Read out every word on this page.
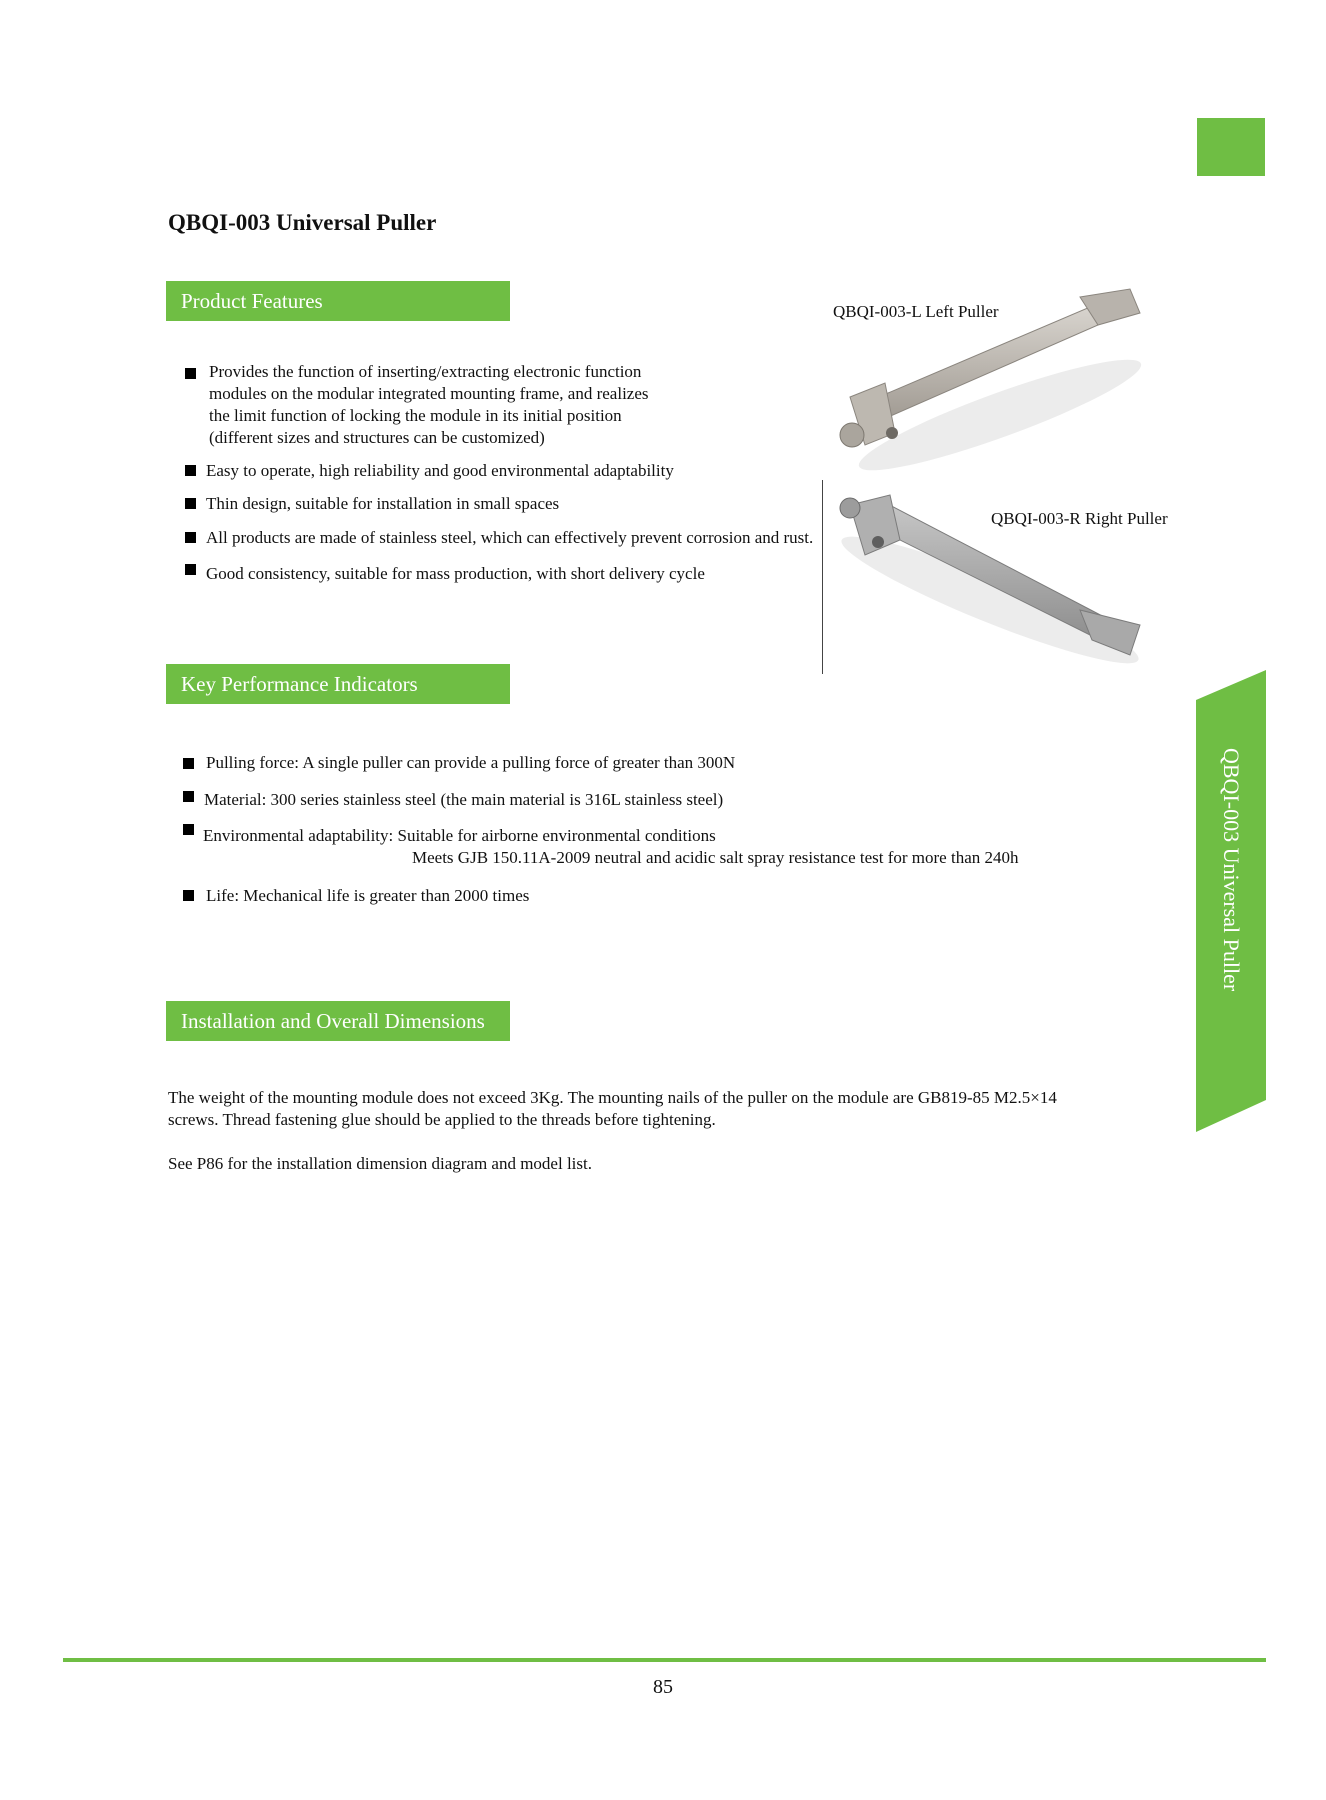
QBQI-003 Universal Puller
Product Features
Provides the function of inserting/extracting electronic function
modules on the modular integrated mounting frame, and realizes
the limit function of locking the module in its initial position
(different sizes and structures can be customized)
Easy to operate, high reliability and good environmental adaptability
Thin design, suitable for installation in small spaces
All products are made of stainless steel, which can effectively prevent corrosion and rust.
Good consistency, suitable for mass production, with short delivery cycle
QBQI-003-L Left Puller
QBQI-003-R Right Puller
Key Performance Indicators
Pulling force: A single puller can provide a pulling force of greater than 300N
Material: 300 series stainless steel (the main material is 316L stainless steel)
Environmental adaptability: Suitable for airborne environmental conditions
Meets GJB 150.11A-2009 neutral and acidic salt spray resistance test for more than 240h
Life: Mechanical life is greater than 2000 times
Installation and Overall Dimensions
The weight of the mounting module does not exceed 3Kg. The mounting nails of the puller on the module are GB819-85 M2.5×14
screws. Thread fastening glue should be applied to the threads before tightening.
See P86 for the installation dimension diagram and model list.
QBQI-003 Universal Puller
85
